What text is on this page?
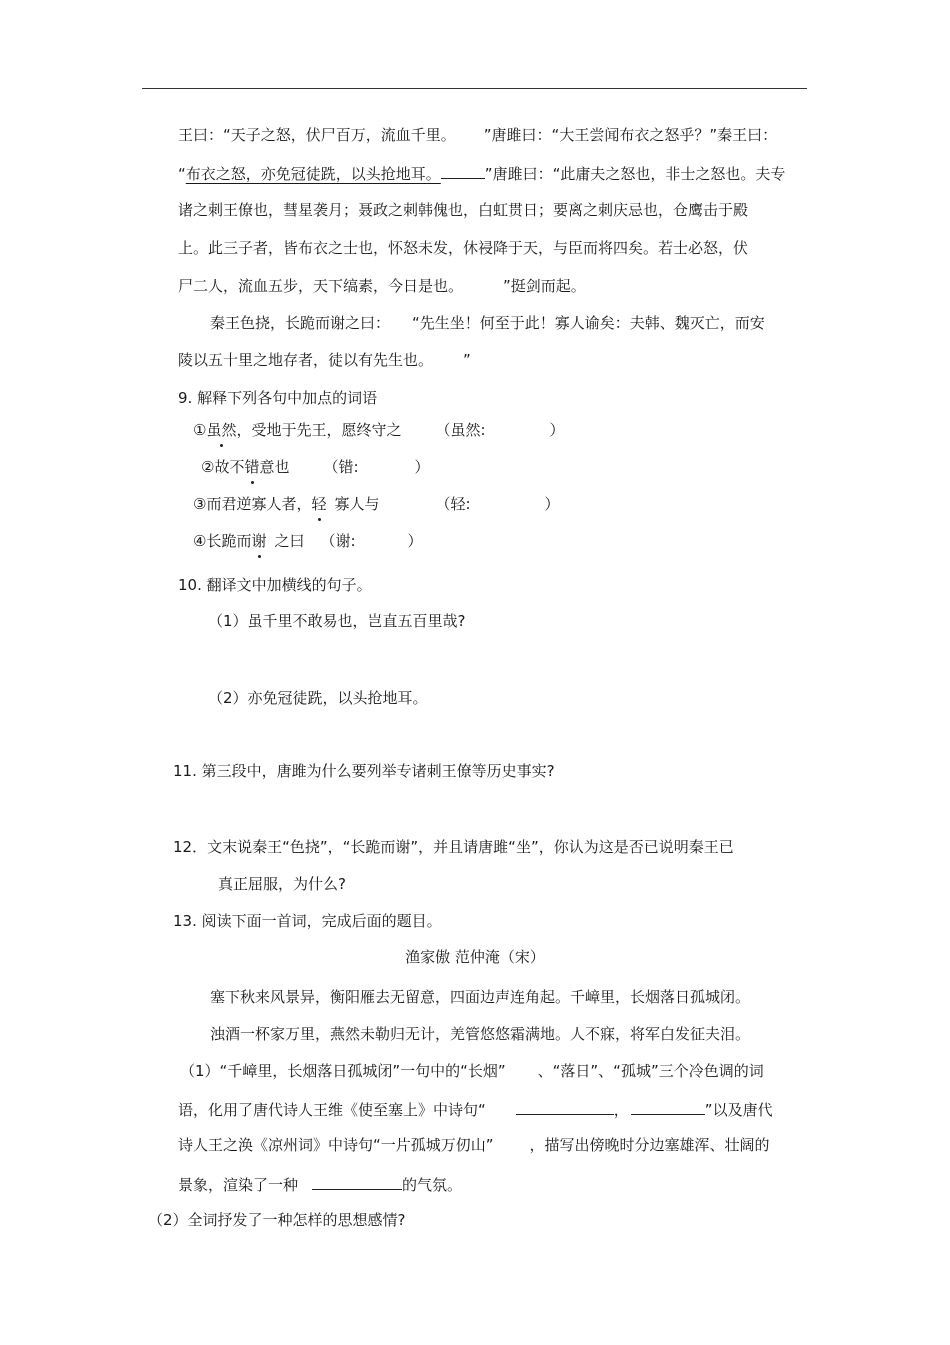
王曰：“天子之怒，伏尸百万，流血千里。 ”唐雎曰：“大王尝闻布衣之怒乎？”秦王曰：
“布衣之怒，亦免冠徒跣，以头抢地耳。	”唐雎曰：“此庸夫之怒也，非士之怒也。夫专
诸之刺王僚也，彗星袭月；聂政之刺韩傀也，白虹贯日；要离之刺庆忌也，仓鹰击于殿
上。此三子者，皆布衣之士也，怀怒未发，休祲降于天，与臣而将四矣。若士必怒，伏
尸二人，流血五步，天下缟素，今日是也。	”挺剑而起。
秦王色挠，长跪而谢之曰： “先生坐！何至于此！寡人谕矣：夫韩、魏灭亡，而安
陵以五十里之地存者，徒以有先生也。 ”
9. 解释下列各句中加点的词语
①虽然，受地于先王，愿终守之 （虽然:	）
②故不错意也 （错:	）
③而君逆寡人者，轻 寡人与	（轻:	）
④长跪而谢 之曰 （谢:	）
10. 翻译文中加横线的句子。
（1）虽千里不敢易也，岂直五百里哉?
（2）亦免冠徒跣，以头抢地耳。
11. 第三段中，唐雎为什么要列举专诸刺王僚等历史事实?
12．文末说秦王“色挠”，“长跪而谢”，并且请唐雎“坐”，你认为这是否已说明秦王已
真正屈服，为什么?
13. 阅读下面一首词，完成后面的题目。
渔家傲 范仲淹（宋）
塞下秋来风景异，衡阳雁去无留意，四面边声连角起。千嶂里，长烟落日孤城闭。
浊酒一杯家万里，燕然未勒归无计，羌管悠悠霜满地。人不寐，将军白发征夫泪。
（1）“千嶂里，长烟落日孤城闭”一句中的“长烟” 、“落日”、“孤城”三个冷色调的词
语，化用了唐代诗人王维《使至塞上》中诗句“	，	”以及唐代
诗人王之涣《凉州词》中诗句“一片孤城万仞山” ，描写出傍晚时分边塞雄浑、壮阔的
景象，渲染了一种	的气氛。
（2）全词抒发了一种怎样的思想感情?
